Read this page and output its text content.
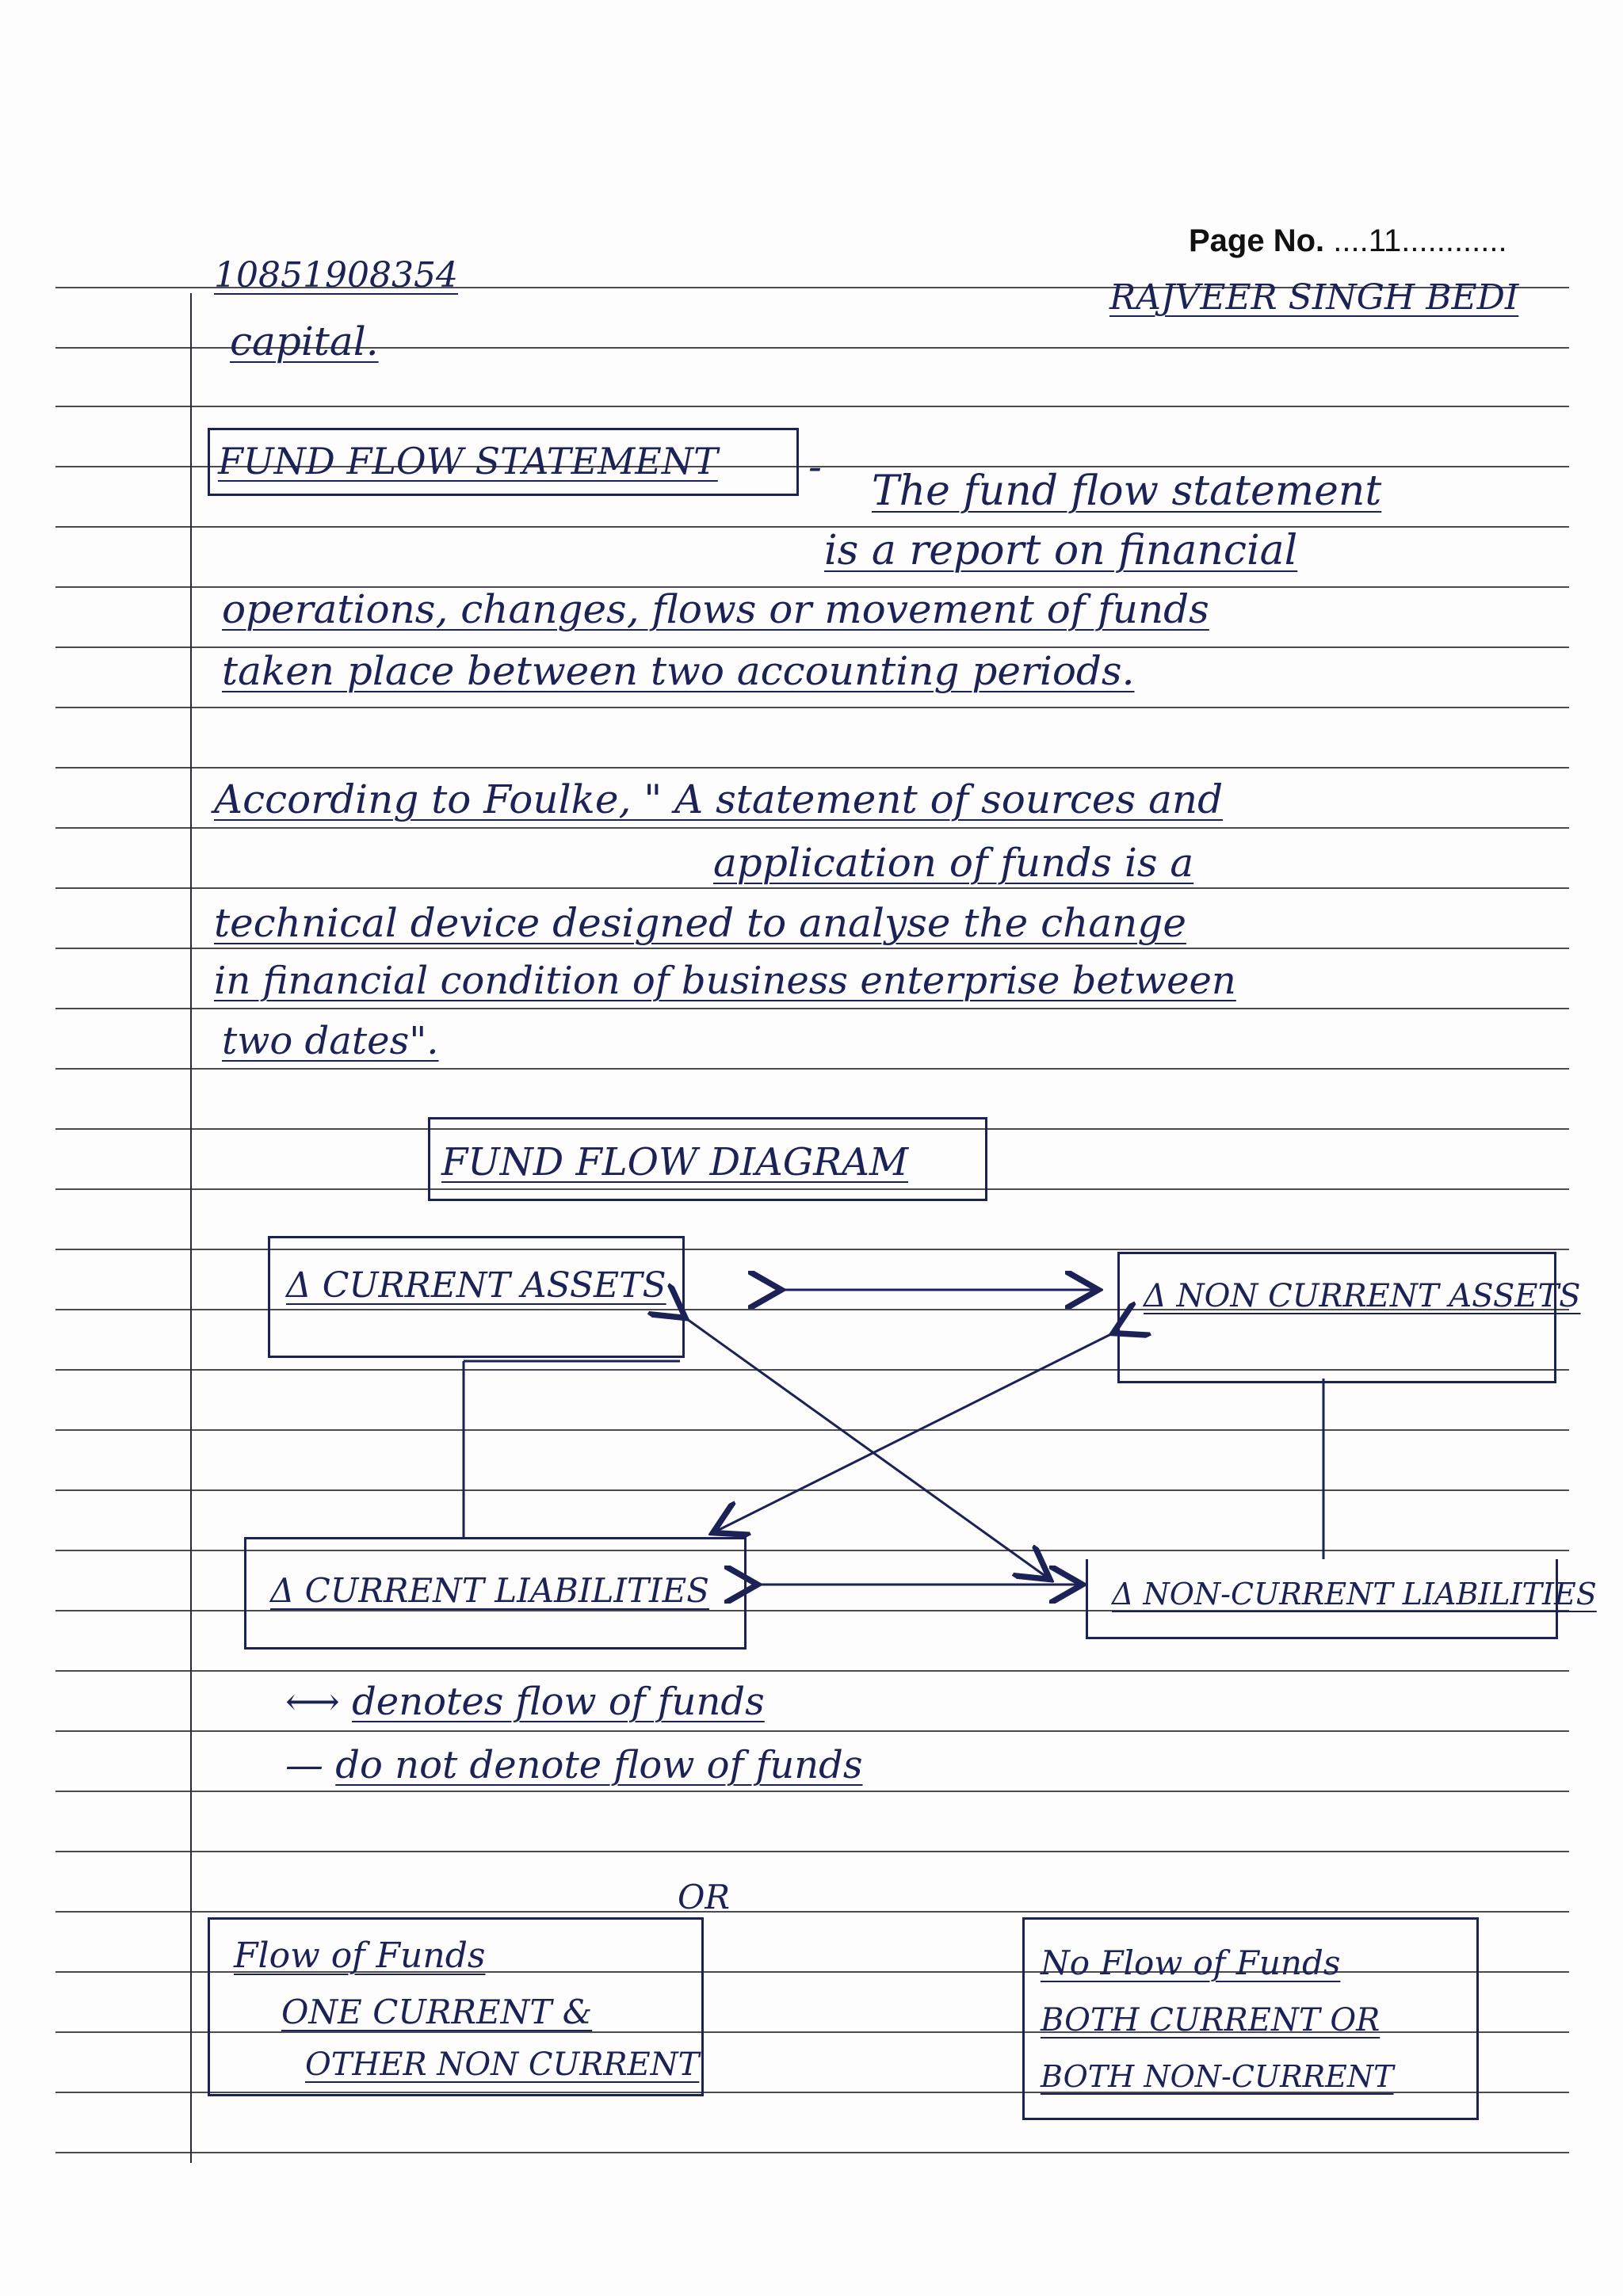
Page No. ....11............
10851908354
RAJVEER SINGH BEDI
capital.
FUND FLOW STATEMENT -
The fund flow statement
is a report on financial
operations, changes, flows or movement of funds
taken place between two accounting periods.
According to Foulke, " A statement of sources and
application of funds is a
technical device designed to analyse the change
in financial condition of business enterprise between
two dates".
FUND FLOW DIAGRAM
Δ CURRENT ASSETS	Δ NON CURRENT ASSETS
Δ CURRENT LIABILITIES	Δ NON-CURRENT LIABILITIES
⟷ denotes flow of funds
— do not denote flow of funds
OR
Flow of Funds
ONE CURRENT &
OTHER NON CURRENT
No Flow of Funds
BOTH CURRENT OR
BOTH NON-CURRENT
